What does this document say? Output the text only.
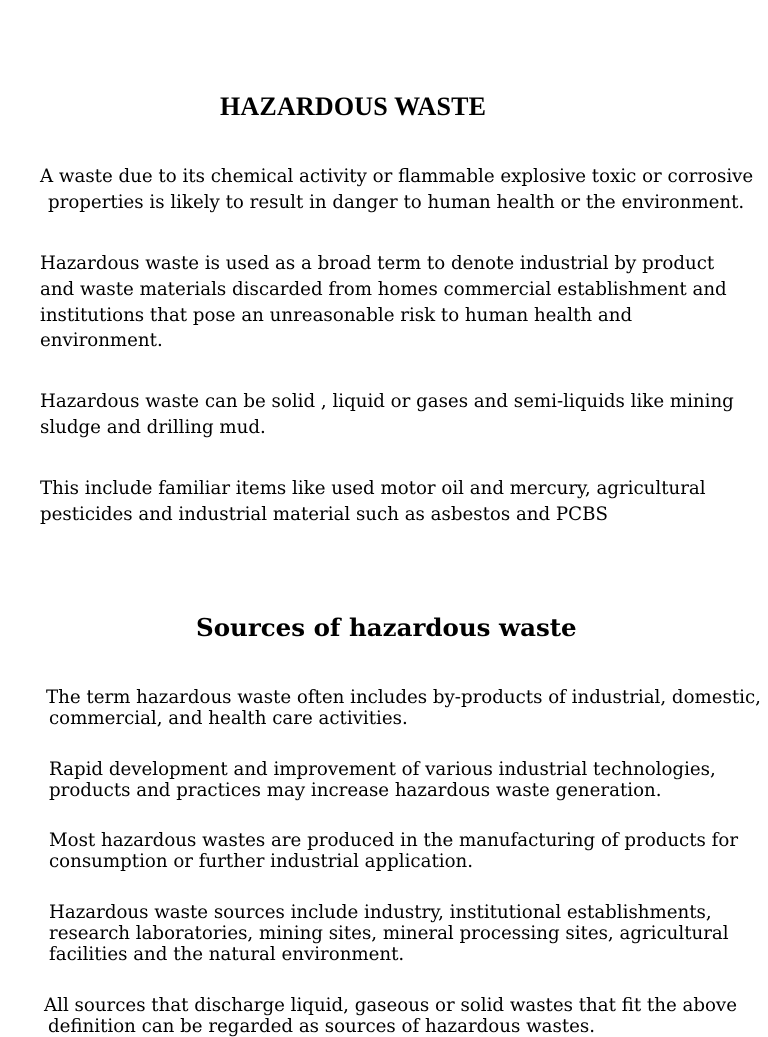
HAZARDOUS WASTE
A waste due to its chemical activity or flammable explosive toxic or corrosive
properties is likely to result in danger to human health or the environment.
Hazardous waste is used as a broad term to denote industrial by product
and waste materials discarded from homes commercial establishment and
institutions that pose an unreasonable risk to human health and
environment.
Hazardous waste can be solid , liquid or gases and semi-liquids like mining
sludge and drilling mud.
This include familiar items like used motor oil and mercury, agricultural
pesticides and industrial material such as asbestos and PCBS
Sources of hazardous waste
The term hazardous waste often includes by-products of industrial, domestic,
commercial, and health care activities.
Rapid development and improvement of various industrial technologies,
products and practices may increase hazardous waste generation.
Most hazardous wastes are produced in the manufacturing of products for
consumption or further industrial application.
Hazardous waste sources include industry, institutional establishments,
research laboratories, mining sites, mineral processing sites, agricultural
facilities and the natural environment.
All sources that discharge liquid, gaseous or solid wastes that fit the above
definition can be regarded as sources of hazardous wastes.
